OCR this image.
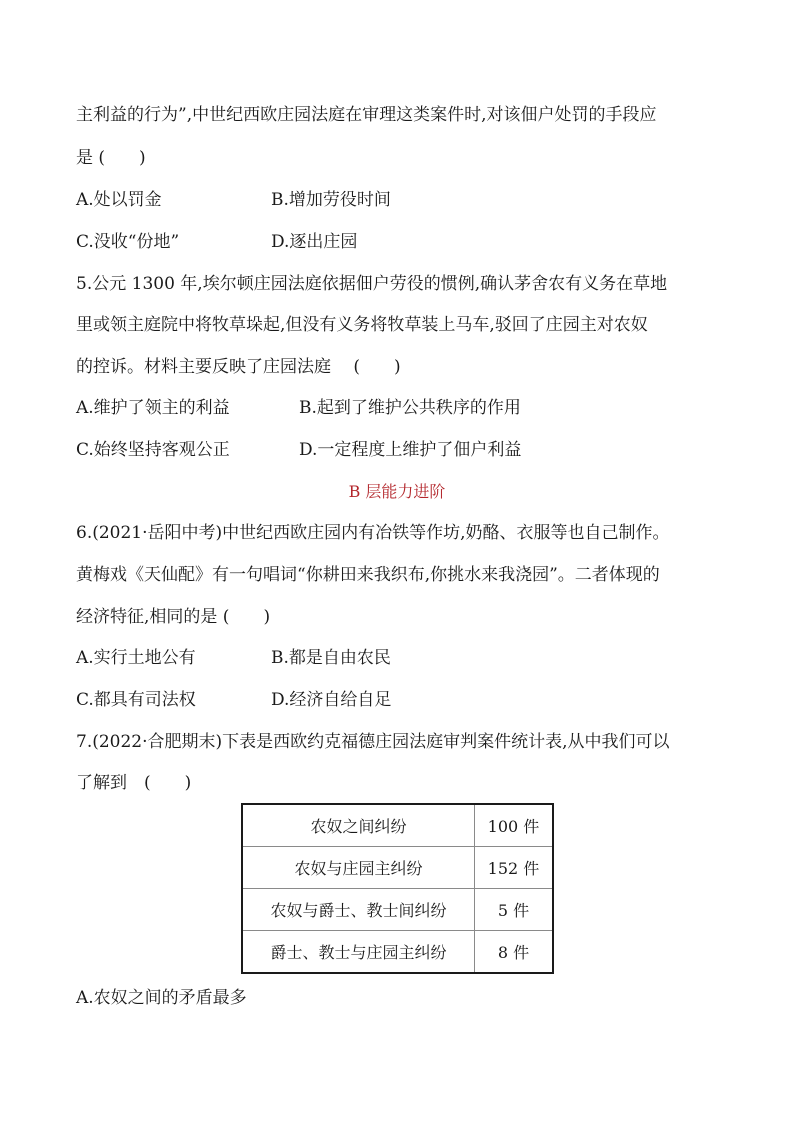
主利益的行为”,中世纪西欧庄园法庭在审理这类案件时,对该佃户处罚的手段应
是 (　　)
A.处以罚金	B.增加劳役时间
C.没收“份地”	D.逐出庄园
5.公元 1300 年,埃尔顿庄园法庭依据佃户劳役的惯例,确认茅舍农有义务在草地
里或领主庭院中将牧草垛起,但没有义务将牧草装上马车,驳回了庄园主对农奴
的控诉。材料主要反映了庄园法庭　 (　　)
A.维护了领主的利益	B.起到了维护公共秩序的作用
C.始终坚持客观公正	D.一定程度上维护了佃户利益
B 层能力进阶
6.(2021·岳阳中考)中世纪西欧庄园内有冶铁等作坊,奶酪、衣服等也自己制作。
黄梅戏《天仙配》有一句唱词“你耕田来我织布,你挑水来我浇园”。二者体现的
经济特征,相同的是 (　　)
A.实行土地公有	B.都是自由农民
C.都具有司法权	D.经济自给自足
7.(2022·合肥期末)下表是西欧约克福德庄园法庭审判案件统计表,从中我们可以
了解到　(　　)
农奴之间纠纷	100 件
农奴与庄园主纠纷	152 件
农奴与爵士、教士间纠纷	5 件
爵士、教士与庄园主纠纷	8 件
A.农奴之间的矛盾最多
